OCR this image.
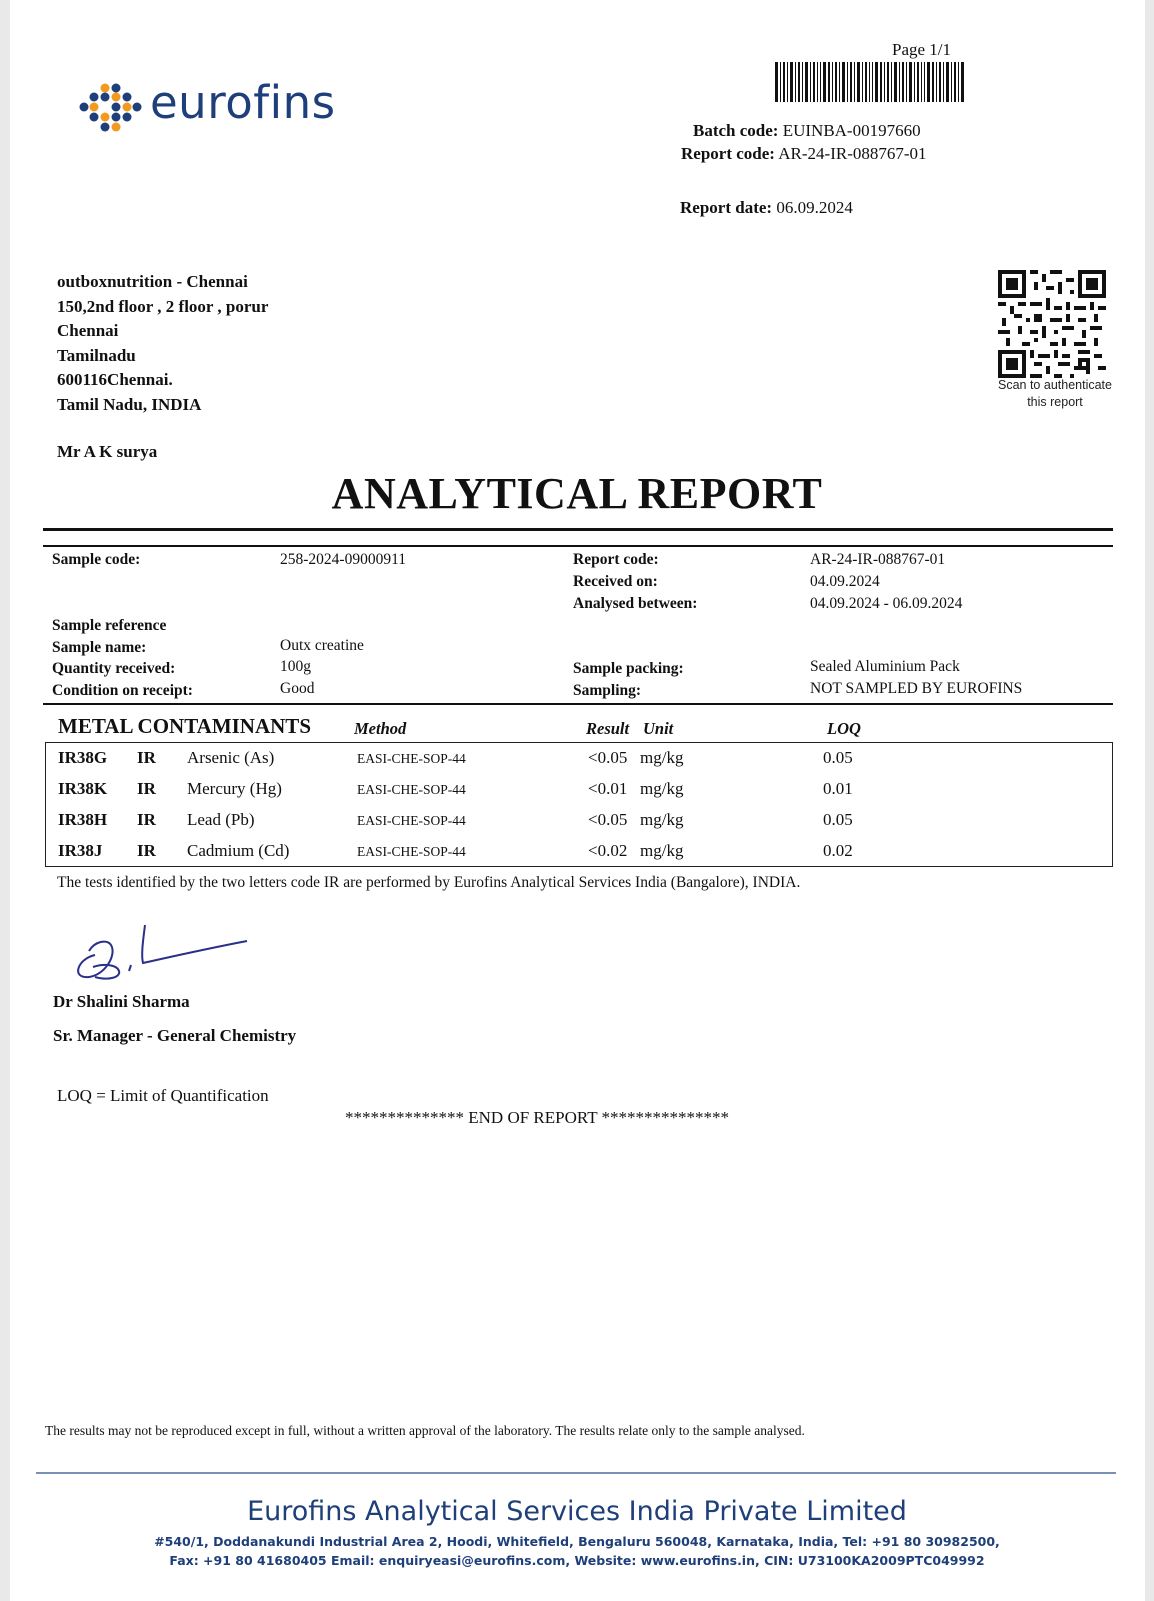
eurofins
Page 1/1
Batch code: EUINBA-00197660
Report code: AR-24-IR-088767-01
Report date: 06.09.2024
outboxnutrition - Chennai
150,2nd floor , 2 floor , porur
Chennai
Tamilnadu
600116Chennai.
Tamil Nadu, INDIA
Mr A K surya
Scan to authenticate
this report
ANALYTICAL REPORT
Sample code:	258-2024-09000911	Report code:	AR-24-IR-088767-01
Received on:	04.09.2024
Analysed between:	04.09.2024 - 06.09.2024
Sample reference
Sample name:	Outx creatine
Quantity received:	100g	Sample packing:	Sealed Aluminium Pack
Condition on receipt:	Good	Sampling:	NOT SAMPLED BY EUROFINS
METAL CONTAMINANTS	Method	Result Unit	LOQ
IR38G IR Arsenic (As)	EASI-CHE-SOP-44	<0.05 mg/kg	0.05
IR38K IR Mercury (Hg)	EASI-CHE-SOP-44	<0.01 mg/kg	0.01
IR38H IR Lead (Pb)	EASI-CHE-SOP-44	<0.05 mg/kg	0.05
IR38J IR Cadmium (Cd)	EASI-CHE-SOP-44	<0.02 mg/kg	0.02
The tests identified by the two letters code IR are performed by Eurofins Analytical Services India (Bangalore), INDIA.
Dr Shalini Sharma
Sr. Manager - General Chemistry
LOQ = Limit of Quantification
************** END OF REPORT ***************
The results may not be reproduced except in full, without a written approval of the laboratory. The results relate only to the sample analysed.
Eurofins Analytical Services India Private Limited
#540/1, Doddanakundi Industrial Area 2, Hoodi, Whitefield, Bengaluru 560048, Karnataka, India, Tel: +91 80 30982500,
Fax: +91 80 41680405 Email: enquiryeasi@eurofins.com, Website: www.eurofins.in, CIN: U73100KA2009PTC049992
